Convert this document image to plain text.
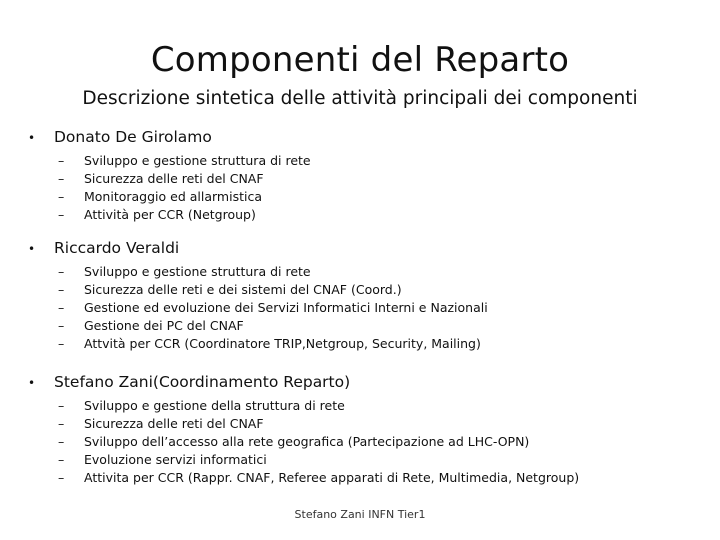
Componenti del Reparto
Descrizione sintetica delle attività principali dei componenti
•	Donato De Girolamo
–	Sviluppo e gestione struttura di rete
–	Sicurezza delle reti del CNAF
–	Monitoraggio ed allarmistica
–	Attività per CCR (Netgroup)
•	Riccardo Veraldi
–	Sviluppo e gestione struttura di rete
–	Sicurezza delle reti e dei sistemi del CNAF (Coord.)
–	Gestione ed evoluzione dei Servizi Informatici Interni e Nazionali
–	Gestione dei PC del CNAF
–	Attvità per CCR (Coordinatore TRIP,Netgroup, Security, Mailing)
•	Stefano Zani (Coordinamento Reparto)
–	Sviluppo e gestione della struttura di rete
–	Sicurezza delle reti del CNAF
–	Sviluppo dell’accesso alla rete geografica (Partecipazione ad LHC-OPN)
–	Evoluzione servizi informatici
–	Attivita per CCR (Rappr. CNAF, Referee apparati di Rete, Multimedia, Netgroup)
Stefano Zani INFN Tier1
